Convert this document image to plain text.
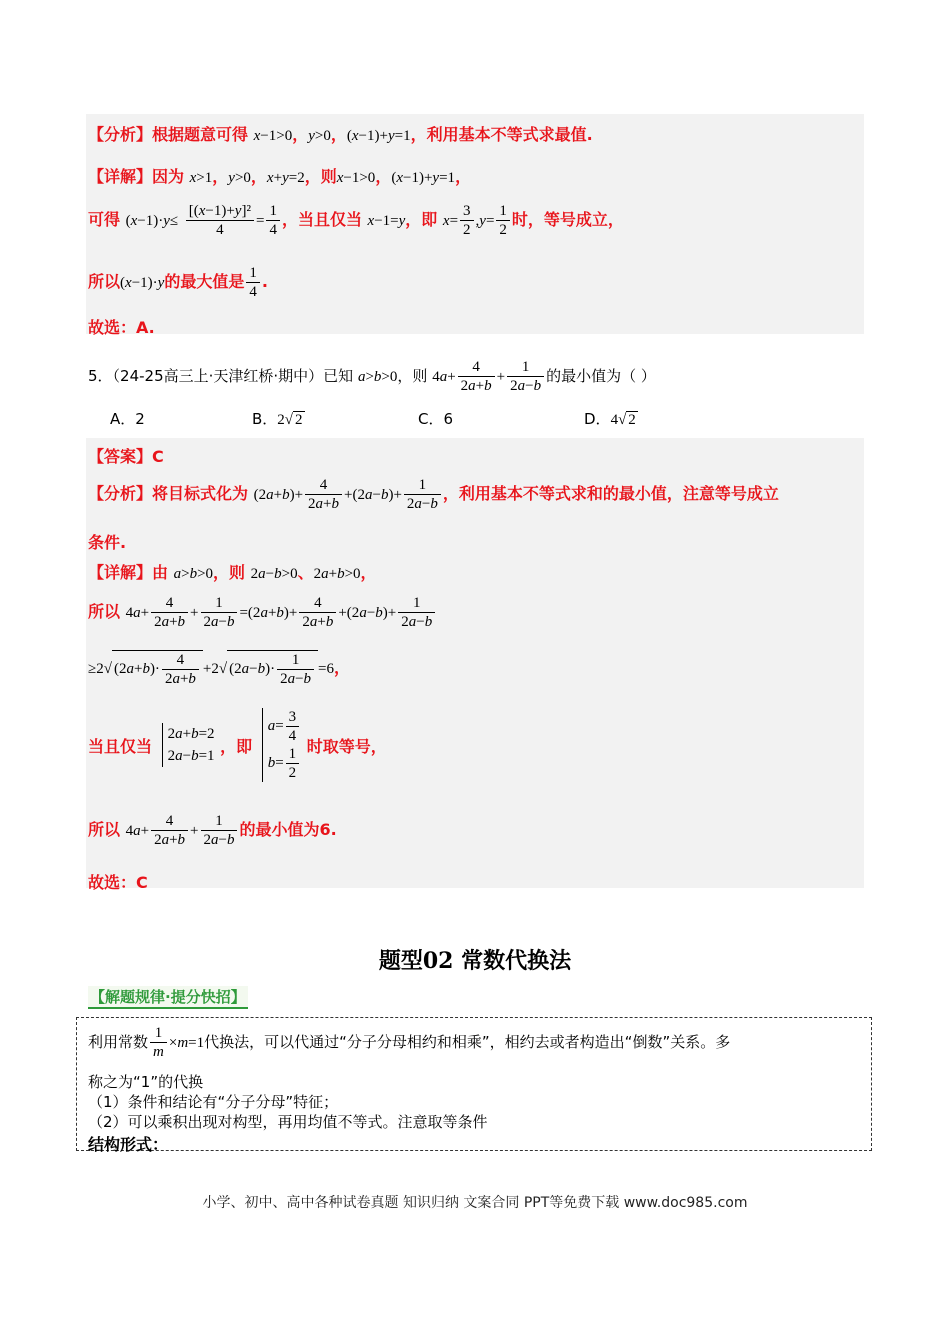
【分析】根据题意可得 x−1>0，y>0，(x−1)+y=1，利用基本不等式求最值.
【详解】因为 x>1，y>0，x+y=2，则x−1>0，(x−1)+y=1，
可得 $(x-1)\cdot y\le \frac{\text{[(x−1)+y]²}}{4} = \frac{1}{4}$ ，当且仅当 x−1=y，即 $x= \frac{3}{2} ,y= \frac{1}{2}$ 时，等号成立，
所以(x−1)·y的最大值是 $\frac{1}{4}$ .
故选：A.
5．（24-25高三上·天津红桥·期中）已知 a>b>0，则 $4a+ \frac{4}{2a+b} + \frac{1}{2a-b}$ 的最小值为（ ）
A．2	B．2√ 2	C．6	D．4√ 2
【答案】C
【分析】将目标式化为 $(2a+b)+ \frac{4}{2a+b} +(2a-b)+ \frac{1}{2a-b}$ ，利用基本不等式求和的最小值，注意等号成立
条件.
【详解】由 a>b>0，则 2a−b>0、2a+b>0，
所以 $4a+ \frac{4}{2a+b} + \frac{1}{2a-b} =(2a+b)+ \frac{4}{2a+b} +(2a-b)+ \frac{1}{2a-b}$
≥2√ $(2a+b)\cdot \frac{4}{2a+b} +2√$ $(2a-b)\cdot \frac{1}{2a-b} =6$，
当且仅当
2a+b=2
2a−b=1
，即
$a= \frac{3}{4}$
$b= \frac{1}{2}$ 时取等号，
所以 $4a+ \frac{4}{2a+b} + \frac{1}{2a-b}$ 的最小值为6.
故选：C
题型02 常数代换法
【解题规律·提分快招】
利用常数 $\frac{1}{m} \times m=1$代换法，可以代通过“分子分母相约和相乘”，相约去或者构造出“倒数”关系。多
称之为“1”的代换
（1）条件和结论有“分子分母”特征；
（2）可以乘积出现对构型，再用均值不等式。注意取等条件
结构形式：
小学、初中、高中各种试卷真题 知识归纳 文案合同 PPT等免费下载 www.doc985.com
